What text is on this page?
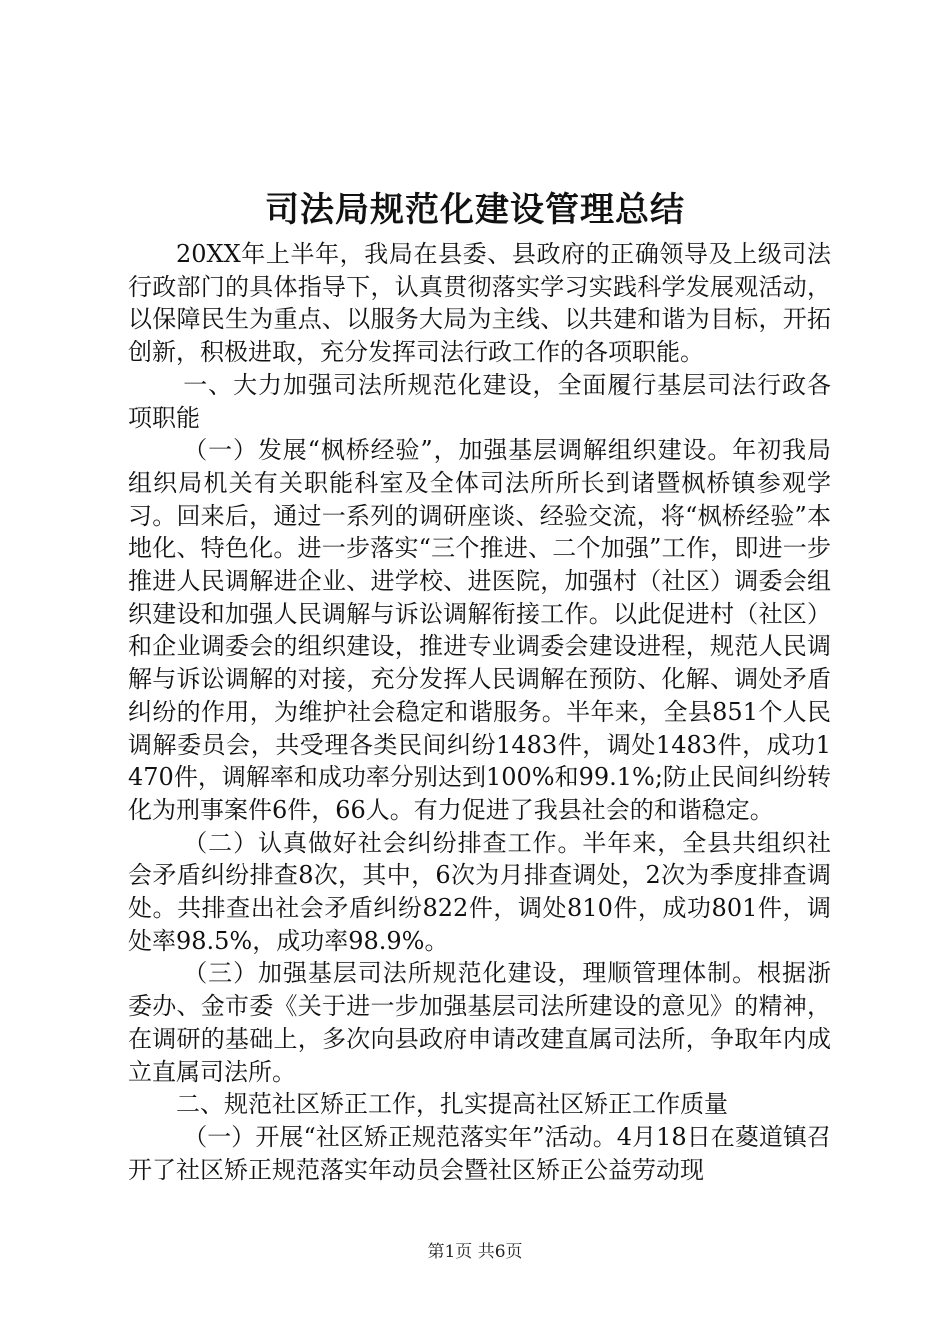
司法局规范化建设管理总结

20XX年上半年，我局在县委、县政府的正确领导及上级司法行政部门的具体指导下，认真贯彻落实学习实践科学发展观活动，以保障民生为重点、以服务大局为主线、以共建和谐为目标，开拓创新，积极进取，充分发挥司法行政工作的各项职能。

一、大力加强司法所规范化建设，全面履行基层司法行政各项职能

（一）发展“枫桥经验”，加强基层调解组织建设。年初我局组织局机关有关职能科室及全体司法所所长到诸暨枫桥镇参观学习。回来后，通过一系列的调研座谈、经验交流，将“枫桥经验”本地化、特色化。进一步落实“三个推进、二个加强”工作，即进一步推进人民调解进企业、进学校、进医院，加强村（社区）调委会组织建设和加强人民调解与诉讼调解衔接工作。以此促进村（社区）和企业调委会的组织建设，推进专业调委会建设进程，规范人民调解与诉讼调解的对接，充分发挥人民调解在预防、化解、调处矛盾纠纷的作用，为维护社会稳定和谐服务。半年来，全县851个人民调解委员会，共受理各类民间纠纷1483件，调处1483件，成功1470件，调解率和成功率分别达到100%和99.1%;防止民间纠纷转化为刑事案件6件，66人。有力促进了我县社会的和谐稳定。

（二）认真做好社会纠纷排查工作。半年来，全县共组织社会矛盾纠纷排查8次，其中，6次为月排查调处，2次为季度排查调处。共排查出社会矛盾纠纷822件，调处810件，成功801件，调处率98.5%，成功率98.9%。

（三）加强基层司法所规范化建设，理顺管理体制。根据浙委办、金市委《关于进一步加强基层司法所建设的意见》的精神，在调研的基础上，多次向县政府申请改建直属司法所，争取年内成立直属司法所。

二、规范社区矫正工作，扎实提高社区矫正工作质量

（一）开展“社区矫正规范落实年”活动。4月18日在葼道镇召开了社区矫正规范落实年动员会暨社区矫正公益劳动现

第1页 共6页
